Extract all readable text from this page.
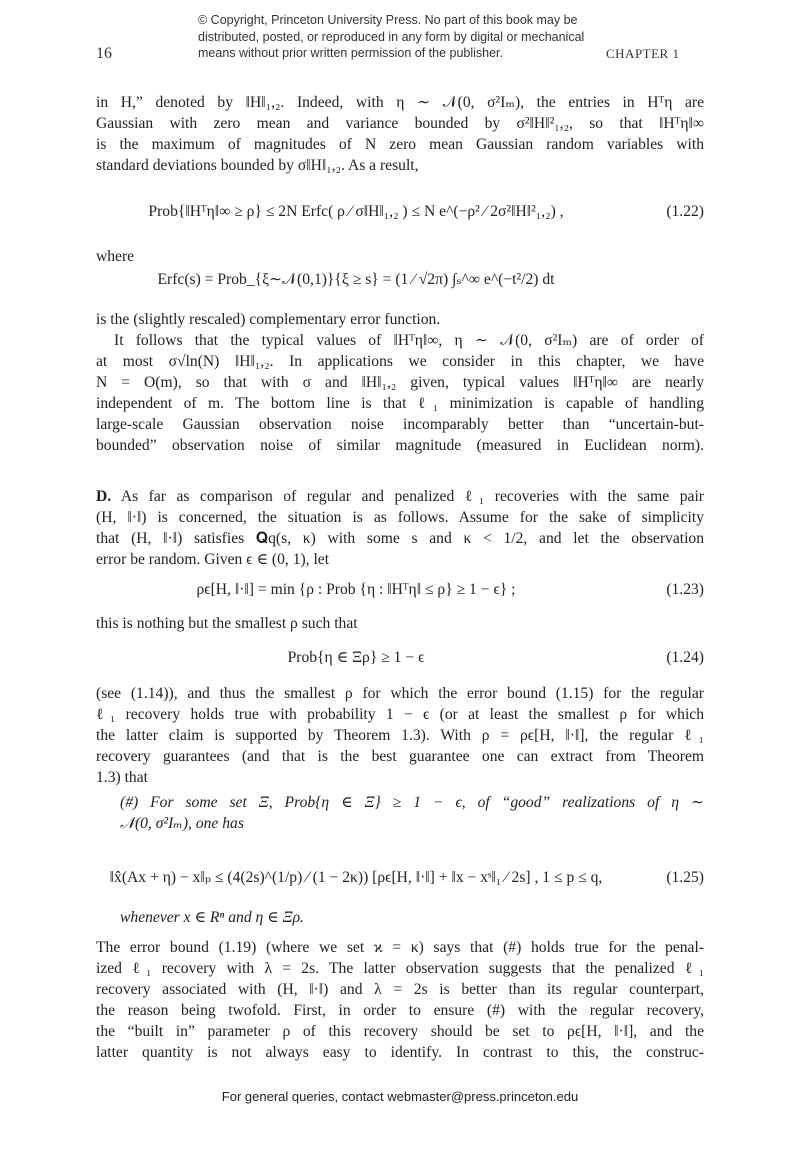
© Copyright, Princeton University Press. No part of this book may be
distributed, posted, or reproduced in any form by digital or mechanical
means without prior written permission of the publisher.
16	CHAPTER 1
in H,” denoted by ‖H‖₁,₂. Indeed, with η ∼ 𝒩(0, σ²Iₘ), the entries in Hᵀη are
Gaussian with zero mean and variance bounded by σ²‖H‖²₁,₂, so that ‖Hᵀη‖∞
is the maximum of magnitudes of N zero mean Gaussian random variables with
standard deviations bounded by σ‖H‖₁,₂. As a result,
where
is the (slightly rescaled) complementary error function.
It follows that the typical values of ‖Hᵀη‖∞, η ∼ 𝒩(0, σ²Iₘ) are of order of
at most σ√ln(N) ‖H‖₁,₂. In applications we consider in this chapter, we have
N = O(m), so that with σ and ‖H‖₁,₂ given, typical values ‖Hᵀη‖∞ are nearly
independent of m. The bottom line is that ℓ₁ minimization is capable of handling
large-scale Gaussian observation noise incomparably better than “uncertain-but-
bounded” observation noise of similar magnitude (measured in Euclidean norm).
D. As far as comparison of regular and penalized ℓ₁ recoveries with the same pair
(H, ‖·‖) is concerned, the situation is as follows. Assume for the sake of simplicity
that (H, ‖·‖) satisfies 𝐐q(s, κ) with some s and κ < 1/2, and let the observation
error be random. Given ϵ ∈ (0, 1), let
this is nothing but the smallest ρ such that
(see (1.14)), and thus the smallest ρ for which the error bound (1.15) for the regular
ℓ₁ recovery holds true with probability 1 − ϵ (or at least the smallest ρ for which
the latter claim is supported by Theorem 1.3). With ρ = ρϵ[H, ‖·‖], the regular ℓ₁
recovery guarantees (and that is the best guarantee one can extract from Theorem
1.3) that
(#) For some set Ξ, Prob{η ∈ Ξ} ≥ 1 − ϵ, of “good” realizations of η ∼
𝒩(0, σ²Iₘ), one has
whenever x ∈ Rⁿ and η ∈ Ξρ.
The error bound (1.19) (where we set ϰ = κ) says that (#) holds true for the penal-
ized ℓ₁ recovery with λ = 2s. The latter observation suggests that the penalized ℓ₁
recovery associated with (H, ‖·‖) and λ = 2s is better than its regular counterpart,
the reason being twofold. First, in order to ensure (#) with the regular recovery,
the “built in” parameter ρ of this recovery should be set to ρϵ[H, ‖·‖], and the
latter quantity is not always easy to identify. In contrast to this, the construc-
Prob{‖Hᵀη‖∞ ≥ ρ} ≤ 2N Erfc( ρ ⁄ σ‖H‖₁,₂ ) ≤ N e^(−ρ² ⁄ 2σ²‖H‖²₁,₂) ,	(1.22)
Erfc(s) = Prob_{ξ∼𝒩(0,1)}{ξ ≥ s} = (1 ⁄ √2π) ∫ₛ^∞ e^(−t²/2) dt
ρϵ[H, ‖·‖] = min {ρ : Prob {η : ‖Hᵀη‖ ≤ ρ} ≥ 1 − ϵ} ;	(1.23)
Prob{η ∈ Ξρ} ≥ 1 − ϵ	(1.24)
‖x̂(Ax + η) − x‖ₚ ≤ (4(2s)^(1/p) ⁄ (1 − 2κ)) [ρϵ[H, ‖·‖] + ‖x − xˢ‖₁ ⁄ 2s] , 1 ≤ p ≤ q,	(1.25)
For general queries, contact webmaster@press.princeton.edu
